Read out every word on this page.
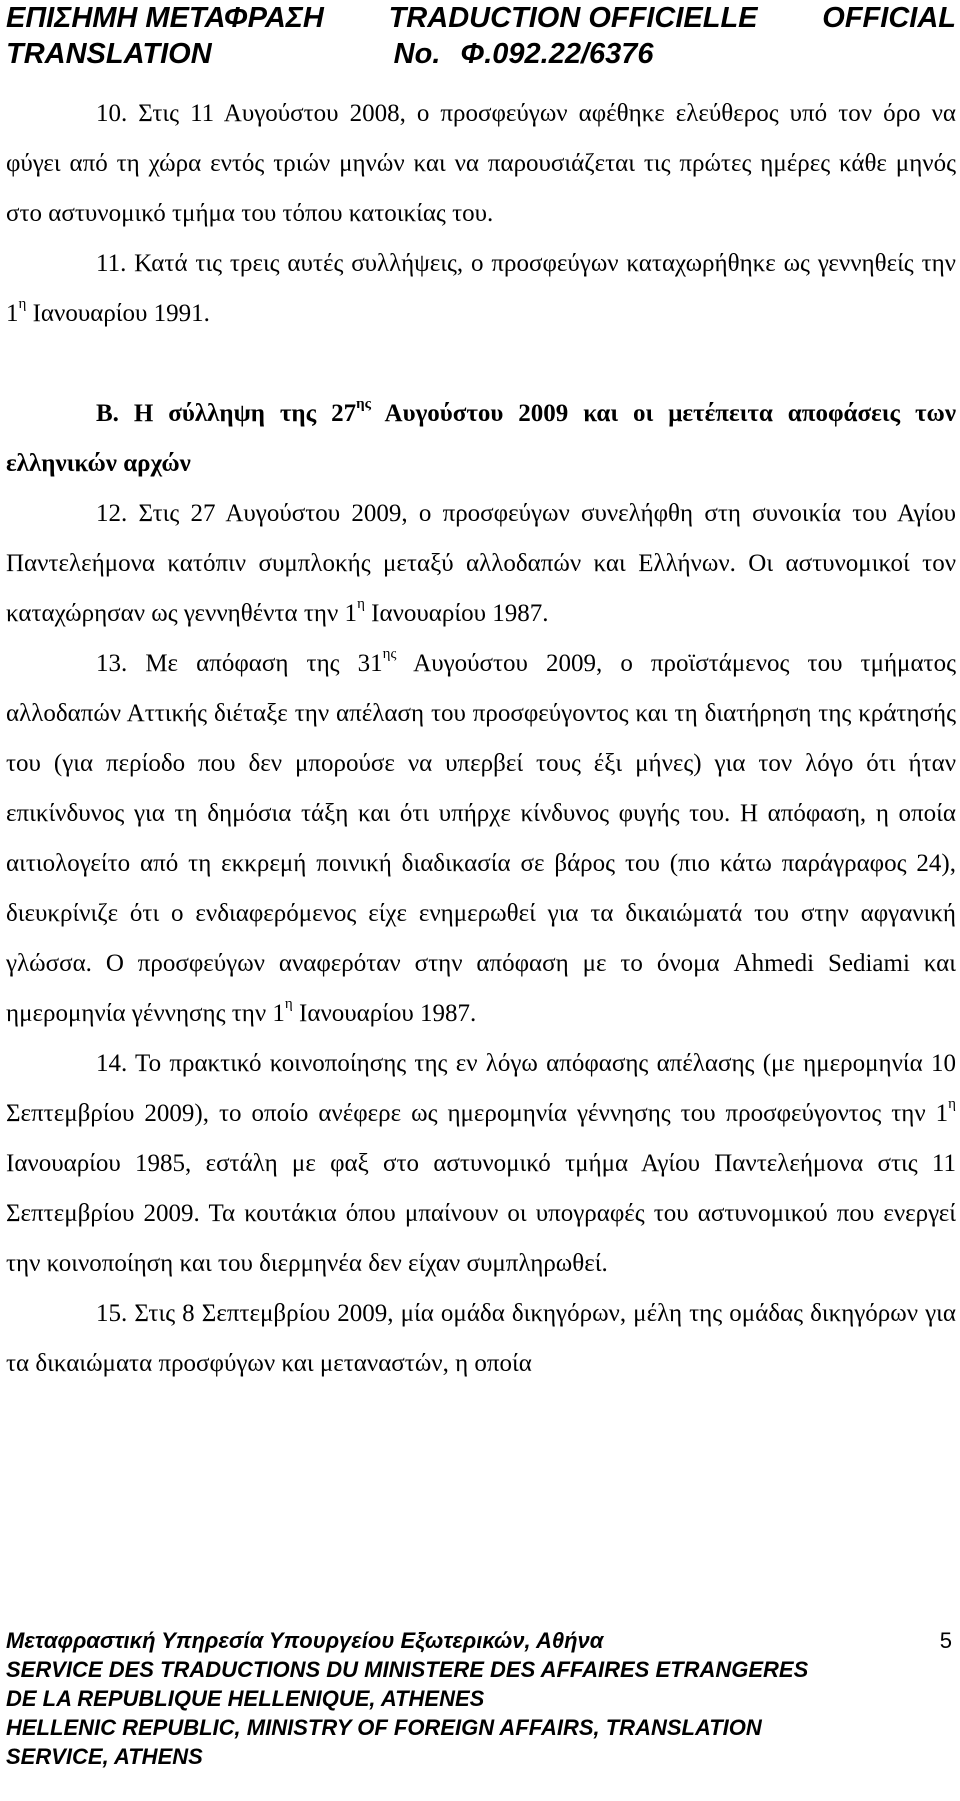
ΕΠΙΣΗΜΗ ΜΕΤΑΦΡΑΣΗ TRADUCTION OFFICIELLE OFFICIAL
TRANSLATION	No. Φ.092.22/6376

10. Στις 11 Αυγούστου 2008, ο προσφεύγων αφέθηκε ελεύθερος υπό τον όρο να φύγει από τη χώρα εντός τριών μηνών και να παρουσιάζεται τις πρώτες ημέρες κάθε μηνός στο αστυνομικό τμήμα του τόπου κατοικίας του.

11. Κατά τις τρεις αυτές συλλήψεις, ο προσφεύγων καταχωρήθηκε ως γεννηθείς την $1^\eta$ Ιανουαρίου 1991.

Β. Η σύλληψη της $27^{\eta\varsigma}$ Αυγούστου 2009 και οι μετέπειτα αποφάσεις των ελληνικών αρχών

12. Στις 27 Αυγούστου 2009, ο προσφεύγων συνελήφθη στη συνοικία του Αγίου Παντελεήμονα κατόπιν συμπλοκής μεταξύ αλλοδαπών και Ελλήνων. Οι αστυνομικοί τον καταχώρησαν ως γεννηθέντα την $1^\eta$ Ιανουαρίου 1987.

13. Με απόφαση της $31^{\eta\varsigma}$ Αυγούστου 2009, ο προϊστάμενος του τμήματος αλλοδαπών Αττικής διέταξε την απέλαση του προσφεύγοντος και τη διατήρηση της κράτησής του (για περίοδο που δεν μπορούσε να υπερβεί τους έξι μήνες) για τον λόγο ότι ήταν επικίνδυνος για τη δημόσια τάξη και ότι υπήρχε κίνδυνος φυγής του. Η απόφαση, η οποία αιτιολογείτο από τη εκκρεμή ποινική διαδικασία σε βάρος του (πιο κάτω παράγραφος 24), διευκρίνιζε ότι ο ενδιαφερόμενος είχε ενημερωθεί για τα δικαιώματά του στην αφγανική γλώσσα. Ο προσφεύγων αναφερόταν στην απόφαση με το όνομα Ahmedi Sediami και ημερομηνία γέννησης την $1^\eta$ Ιανουαρίου 1987.

14. Το πρακτικό κοινοποίησης της εν λόγω απόφασης απέλασης (με ημερομηνία 10 Σεπτεμβρίου 2009), το οποίο ανέφερε ως ημερομηνία γέννησης του προσφεύγοντος την $1^\eta$ Ιανουαρίου 1985, εστάλη με φαξ στο αστυνομικό τμήμα Αγίου Παντελεήμονα στις 11 Σεπτεμβρίου 2009. Τα κουτάκια όπου μπαίνουν οι υπογραφές του αστυνομικού που ενεργεί την κοινοποίηση και του διερμηνέα δεν είχαν συμπληρωθεί.

15. Στις 8 Σεπτεμβρίου 2009, μία ομάδα δικηγόρων, μέλη της ομάδας δικηγόρων για τα δικαιώματα προσφύγων και μεταναστών, η οποία

Μεταφραστική Υπηρεσία Υπουργείου Εξωτερικών, Αθήνα	5
SERVICE DES TRADUCTIONS DU MINISTERE DES AFFAIRES ETRANGERES
DE LA REPUBLIQUE HELLENIQUE, ATHENES
HELLENIC REPUBLIC, MINISTRY OF FOREIGN AFFAIRS, TRANSLATION
SERVICE, ATHENS
